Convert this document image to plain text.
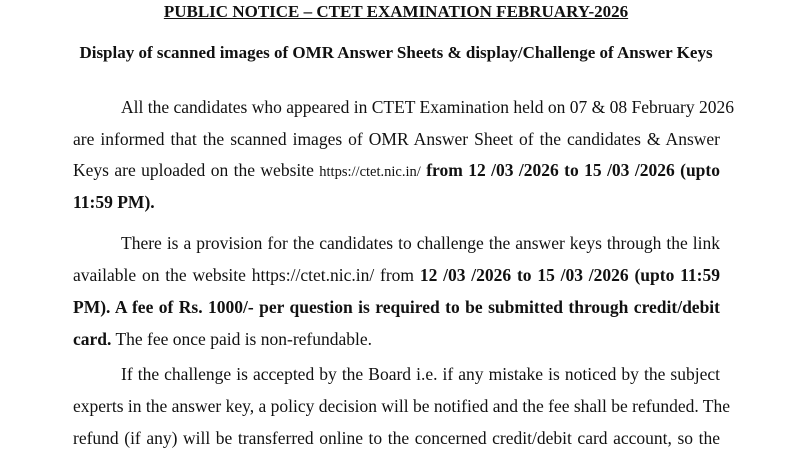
PUBLIC NOTICE – CTET EXAMINATION FEBRUARY-2026
Display of scanned images of OMR Answer Sheets & display/Challenge of Answer Keys
All the candidates who appeared in CTET Examination held on 07 & 08 February 2026
are informed that the scanned images of OMR Answer Sheet of the candidates & Answer
Keys are uploaded on the website https://ctet.nic.in/ from 12 /03 /2026 to 15 /03 /2026 (upto
11:59 PM).
There is a provision for the candidates to challenge the answer keys through the link
available on the website https://ctet.nic.in/ from 12 /03 /2026 to 15 /03 /2026 (upto 11:59
PM). A fee of Rs. 1000/- per question is required to be submitted through credit/debit
card. The fee once paid is non-refundable.
If the challenge is accepted by the Board i.e. if any mistake is noticed by the subject
experts in the answer key, a policy decision will be notified and the fee shall be refunded. The
refund (if any) will be transferred online to the concerned credit/debit card account, so the
